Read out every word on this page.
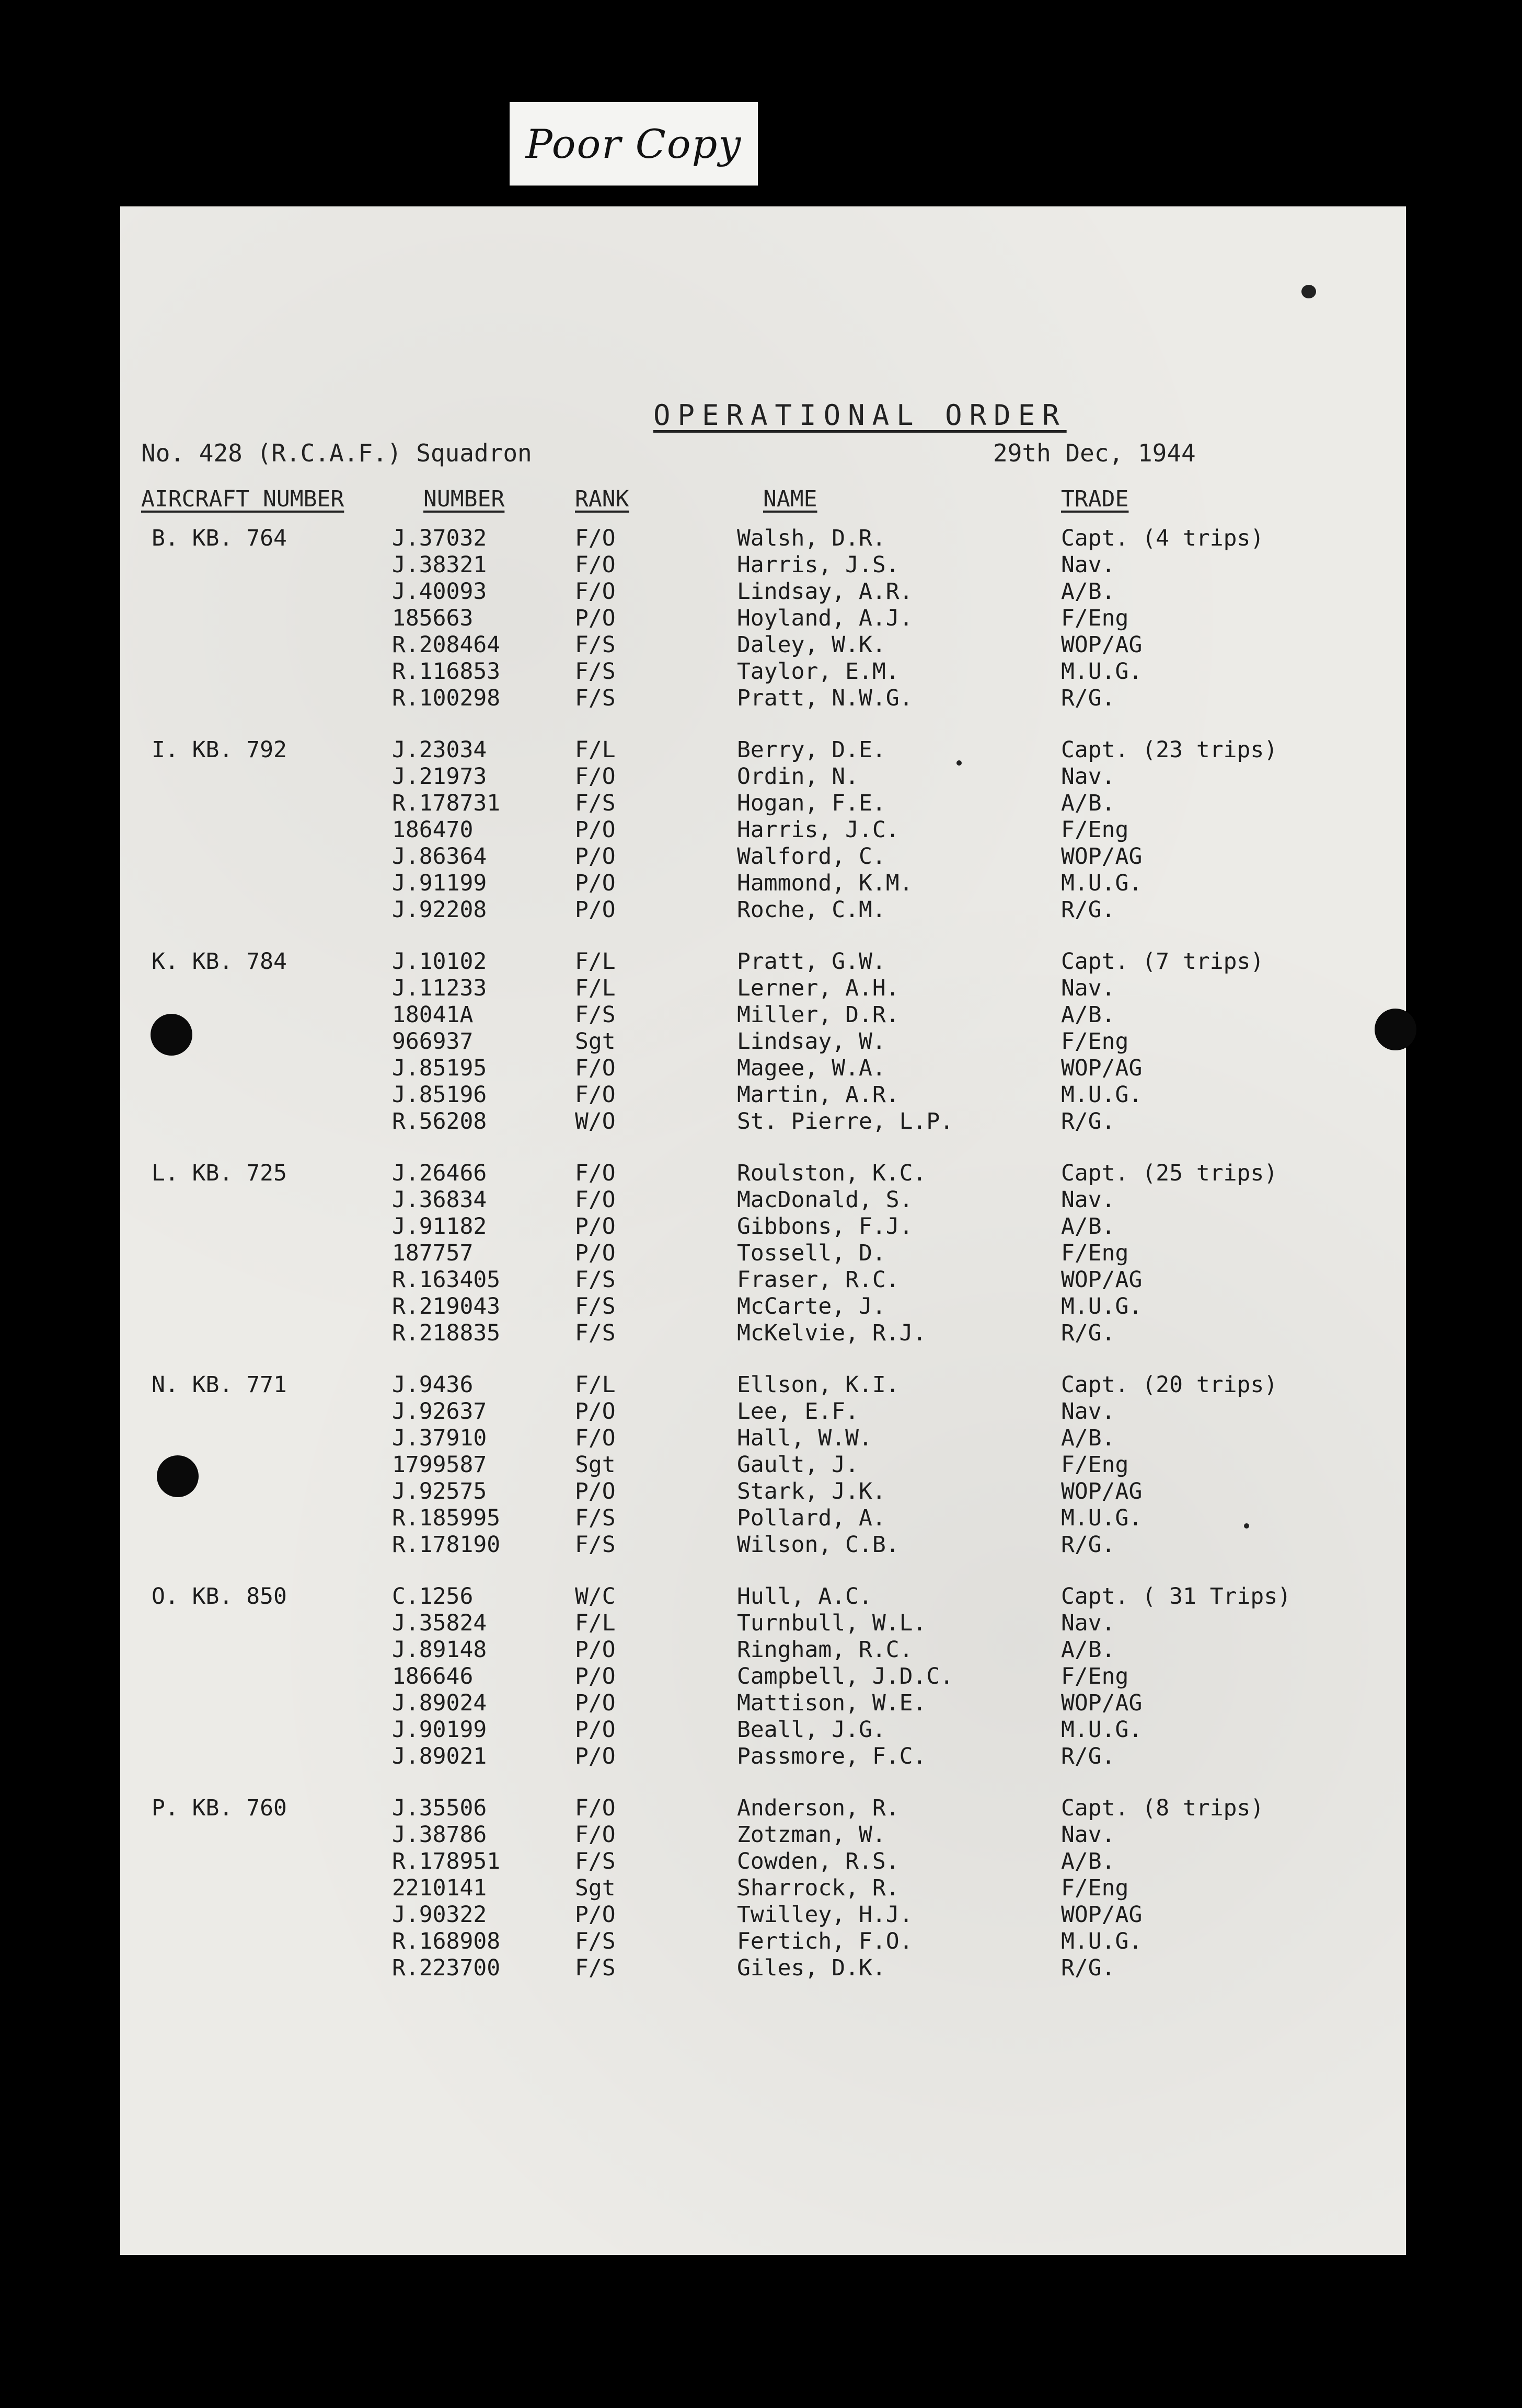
Poor Copy
OPERATIONAL ORDER
No. 428 (R.C.A.F.) Squadron	29th Dec, 1944
AIRCRAFT NUMBER	NUMBER	RANK	NAME	TRADE
B. KB. 764	J.37032	F/O	Walsh, D.R.	Capt. (4 trips)
J.38321	F/O	Harris, J.S.	Nav.
J.40093	F/O	Lindsay, A.R.	A/B.
185663	P/O	Hoyland, A.J.	F/Eng
R.208464	F/S	Daley, W.K.	WOP/AG
R.116853	F/S	Taylor, E.M.	M.U.G.
R.100298	F/S	Pratt, N.W.G.	R/G.
I. KB. 792	J.23034	F/L	Berry, D.E.	Capt. (23 trips)
J.21973	F/O	Ordin, N.	Nav.
R.178731	F/S	Hogan, F.E.	A/B.
186470	P/O	Harris, J.C.	F/Eng
J.86364	P/O	Walford, C.	WOP/AG
J.91199	P/O	Hammond, K.M.	M.U.G.
J.92208	P/O	Roche, C.M.	R/G.
K. KB. 784	J.10102	F/L	Pratt, G.W.	Capt. (7 trips)
J.11233	F/L	Lerner, A.H.	Nav.
18041A	F/S	Miller, D.R.	A/B.
966937	Sgt	Lindsay, W.	F/Eng
J.85195	F/O	Magee, W.A.	WOP/AG
J.85196	F/O	Martin, A.R.	M.U.G.
R.56208	W/O	St. Pierre, L.P.	R/G.
L. KB. 725	J.26466	F/O	Roulston, K.C.	Capt. (25 trips)
J.36834	F/O	MacDonald, S.	Nav.
J.91182	P/O	Gibbons, F.J.	A/B.
187757	P/O	Tossell, D.	F/Eng
R.163405	F/S	Fraser, R.C.	WOP/AG
R.219043	F/S	McCarte, J.	M.U.G.
R.218835	F/S	McKelvie, R.J.	R/G.
N. KB. 771	J.9436	F/L	Ellson, K.I.	Capt. (20 trips)
J.92637	P/O	Lee, E.F.	Nav.
J.37910	F/O	Hall, W.W.	A/B.
1799587	Sgt	Gault, J.	F/Eng
J.92575	P/O	Stark, J.K.	WOP/AG
R.185995	F/S	Pollard, A.	M.U.G.
R.178190	F/S	Wilson, C.B.	R/G.
O. KB. 850	C.1256	W/C	Hull, A.C.	Capt. ( 31 Trips)
J.35824	F/L	Turnbull, W.L.	Nav.
J.89148	P/O	Ringham, R.C.	A/B.
186646	P/O	Campbell, J.D.C.	F/Eng
J.89024	P/O	Mattison, W.E.	WOP/AG
J.90199	P/O	Beall, J.G.	M.U.G.
J.89021	P/O	Passmore, F.C.	R/G.
P. KB. 760	J.35506	F/O	Anderson, R.	Capt. (8 trips)
J.38786	F/O	Zotzman, W.	Nav.
R.178951	F/S	Cowden, R.S.	A/B.
2210141	Sgt	Sharrock, R.	F/Eng
J.90322	P/O	Twilley, H.J.	WOP/AG
R.168908	F/S	Fertich, F.O.	M.U.G.
R.223700	F/S	Giles, D.K.	R/G.
